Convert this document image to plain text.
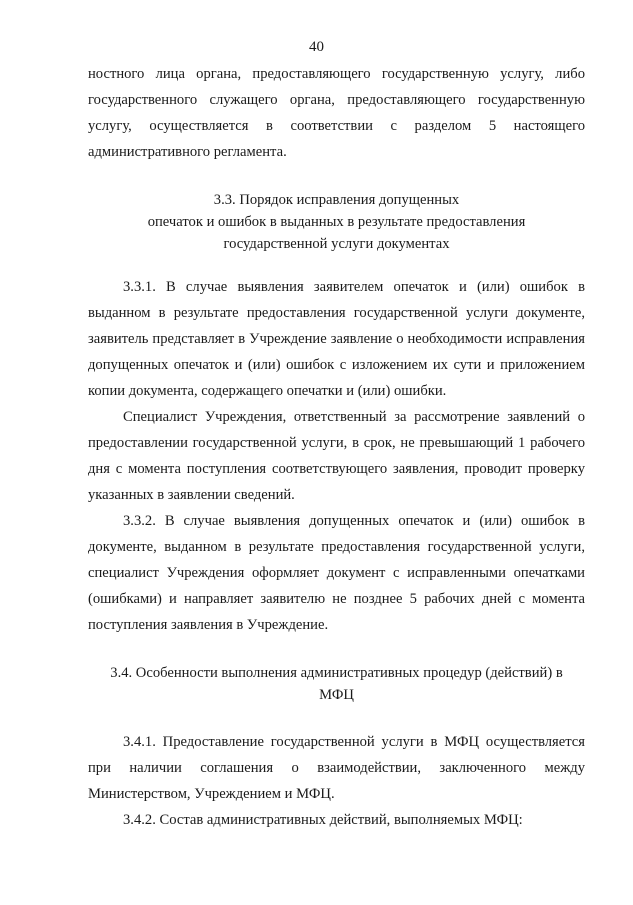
40

ностного лица органа, предоставляющего государственную услугу, либо государственного служащего органа, предоставляющего государственную услугу, осуществляется в соответствии с разделом 5 настоящего административного регламента.

3.3. Порядок исправления допущенных
опечаток и ошибок в выданных в результате предоставления
государственной услуги документах

3.3.1. В случае выявления заявителем опечаток и (или) ошибок в выданном в результате предоставления государственной услуги документе, заявитель представляет в Учреждение заявление о необходимости исправления допущенных опечаток и (или) ошибок с изложением их сути и приложением копии документа, содержащего опечатки и (или) ошибки.

Специалист Учреждения, ответственный за рассмотрение заявлений о предоставлении государственной услуги, в срок, не превышающий 1 рабочего дня с момента поступления соответствующего заявления, проводит проверку указанных в заявлении сведений.

3.3.2. В случае выявления допущенных опечаток и (или) ошибок в документе, выданном в результате предоставления государственной услуги, специалист Учреждения оформляет документ с исправленными опечатками (ошибками) и направляет заявителю не позднее 5 рабочих дней с момента поступления заявления в Учреждение.

3.4. Особенности выполнения административных процедур (действий) в
МФЦ

3.4.1. Предоставление государственной услуги в МФЦ осуществляется при наличии соглашения о взаимодействии, заключенного между Министерством, Учреждением и МФЦ.

3.4.2. Состав административных действий, выполняемых МФЦ:
